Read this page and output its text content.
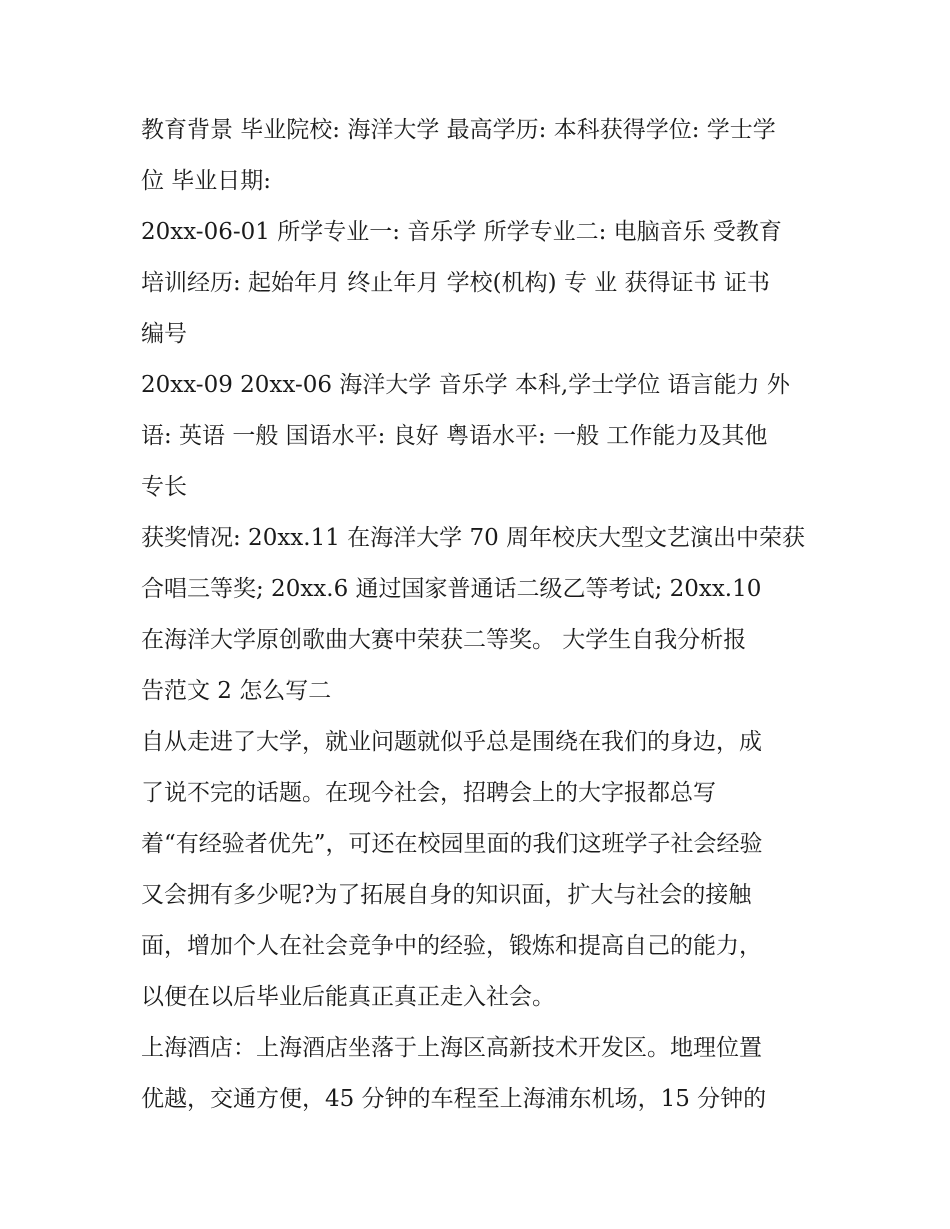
教育背景 毕业院校: 海洋大学 最高学历: 本科获得学位: 学士学
位 毕业日期:
20xx-06-01 所学专业一: 音乐学 所学专业二: 电脑音乐 受教育
培训经历: 起始年月 终止年月 学校(机构) 专 业 获得证书 证书
编号
20xx-09 20xx-06 海洋大学 音乐学 本科,学士学位 语言能力 外
语: 英语 一般 国语水平: 良好 粤语水平: 一般 工作能力及其他
专长
获奖情况: 20xx.11 在海洋大学 70 周年校庆大型文艺演出中荣获
合唱三等奖; 20xx.6 通过国家普通话二级乙等考试; 20xx.10
在海洋大学原创歌曲大赛中荣获二等奖。 大学生自我分析报
告范文 2 怎么写二
自从走进了大学，就业问题就似乎总是围绕在我们的身边，成
了说不完的话题。在现今社会，招聘会上的大字报都总写
着“有经验者优先”，可还在校园里面的我们这班学子社会经验
又会拥有多少呢?为了拓展自身的知识面，扩大与社会的接触
面，增加个人在社会竞争中的经验，锻炼和提高自己的能力，
以便在以后毕业后能真正真正走入社会。
上海酒店：上海酒店坐落于上海区高新技术开发区。地理位置
优越，交通方便，45 分钟的车程至上海浦东机场，15 分钟的
